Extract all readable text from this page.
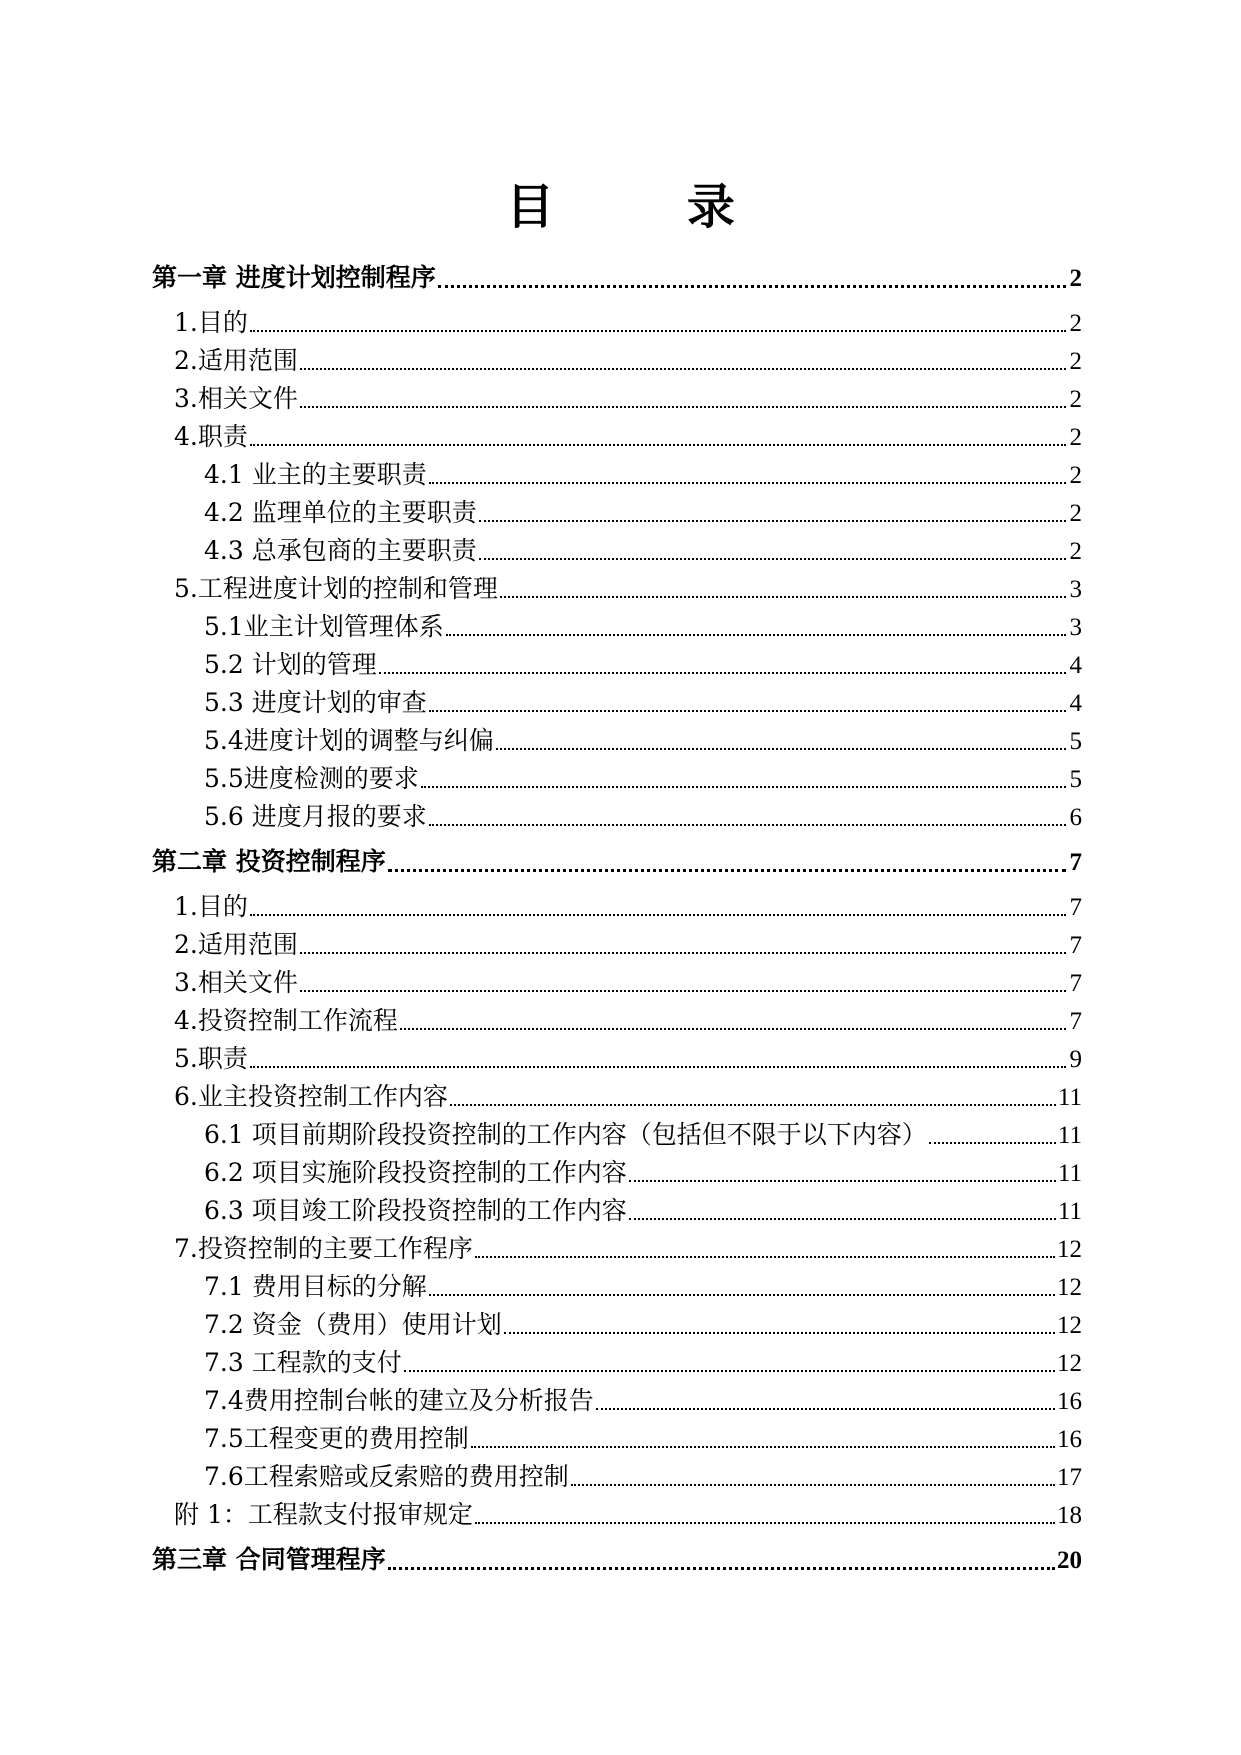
目 录
第一章 进度计划控制程序	2
1.目的	2
2.适用范围	2
3.相关文件	2
4.职责	2
4.1 业主的主要职责	2
4.2 监理单位的主要职责	2
4.3 总承包商的主要职责	2
5.工程进度计划的控制和管理	3
5.1业主计划管理体系	3
5.2 计划的管理	4
5.3 进度计划的审查	4
5.4进度计划的调整与纠偏	5
5.5进度检测的要求	5
5.6 进度月报的要求	6
第二章 投资控制程序	7
1.目的	7
2.适用范围	7
3.相关文件	7
4.投资控制工作流程	7
5.职责	9
6.业主投资控制工作内容	11
6.1 项目前期阶段投资控制的工作内容（包括但不限于以下内容）	11
6.2 项目实施阶段投资控制的工作内容	11
6.3 项目竣工阶段投资控制的工作内容	11
7.投资控制的主要工作程序	12
7.1 费用目标的分解	12
7.2 资金（费用）使用计划	12
7.3 工程款的支付	12
7.4费用控制台帐的建立及分析报告	16
7.5工程变更的费用控制	16
7.6工程索赔或反索赔的费用控制	17
附 1：工程款支付报审规定	18
第三章 合同管理程序	20
